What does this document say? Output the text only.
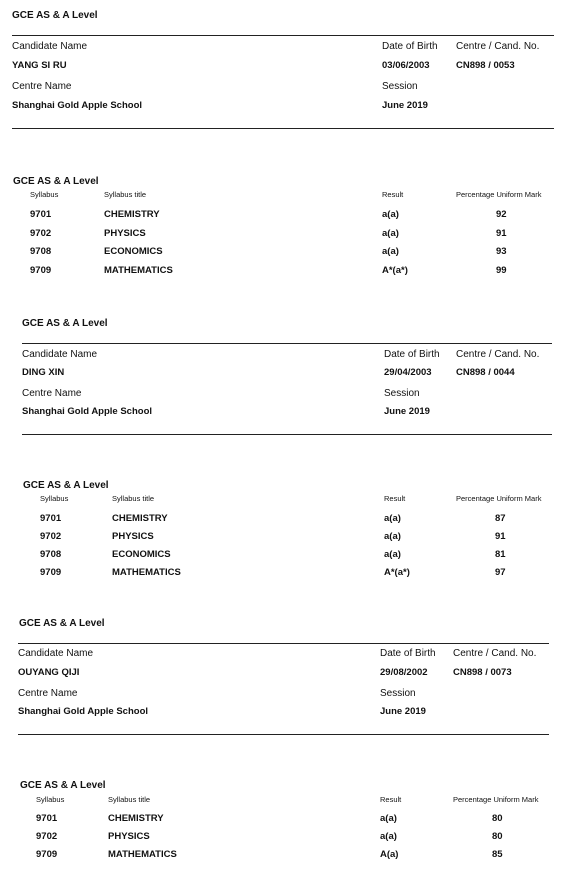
GCE AS & A Level
Candidate Name	Date of Birth Centre / Cand. No.
YANG SI RU	03/06/2003	CN898 / 0053
Centre Name	Session
Shanghai Gold Apple School	June 2019
GCE AS & A Level
Syllabus	Syllabus title	Result	Percentage Uniform Mark
9701	CHEMISTRY	a(a)	92
9702	PHYSICS	a(a)	91
9708	ECONOMICS	a(a)	93
9709	MATHEMATICS	A*(a*)	99
GCE AS & A Level
Candidate Name	Date of Birth Centre / Cand. No.
DING XIN	29/04/2003	CN898 / 0044
Centre Name	Session
Shanghai Gold Apple School	June 2019
GCE AS & A Level
Syllabus	Syllabus title	Result	Percentage Uniform Mark
9701	CHEMISTRY	a(a)	87
9702	PHYSICS	a(a)	91
9708	ECONOMICS	a(a)	81
9709	MATHEMATICS	A*(a*)	97
GCE AS & A Level
Candidate Name	Date of Birth Centre / Cand. No.
OUYANG QIJI	29/08/2002	CN898 / 0073
Centre Name	Session
Shanghai Gold Apple School	June 2019
GCE AS & A Level
Syllabus	Syllabus title	Result	Percentage Uniform Mark
9701	CHEMISTRY	a(a)	80
9702	PHYSICS	a(a)	80
9709	MATHEMATICS	A(a)	85
